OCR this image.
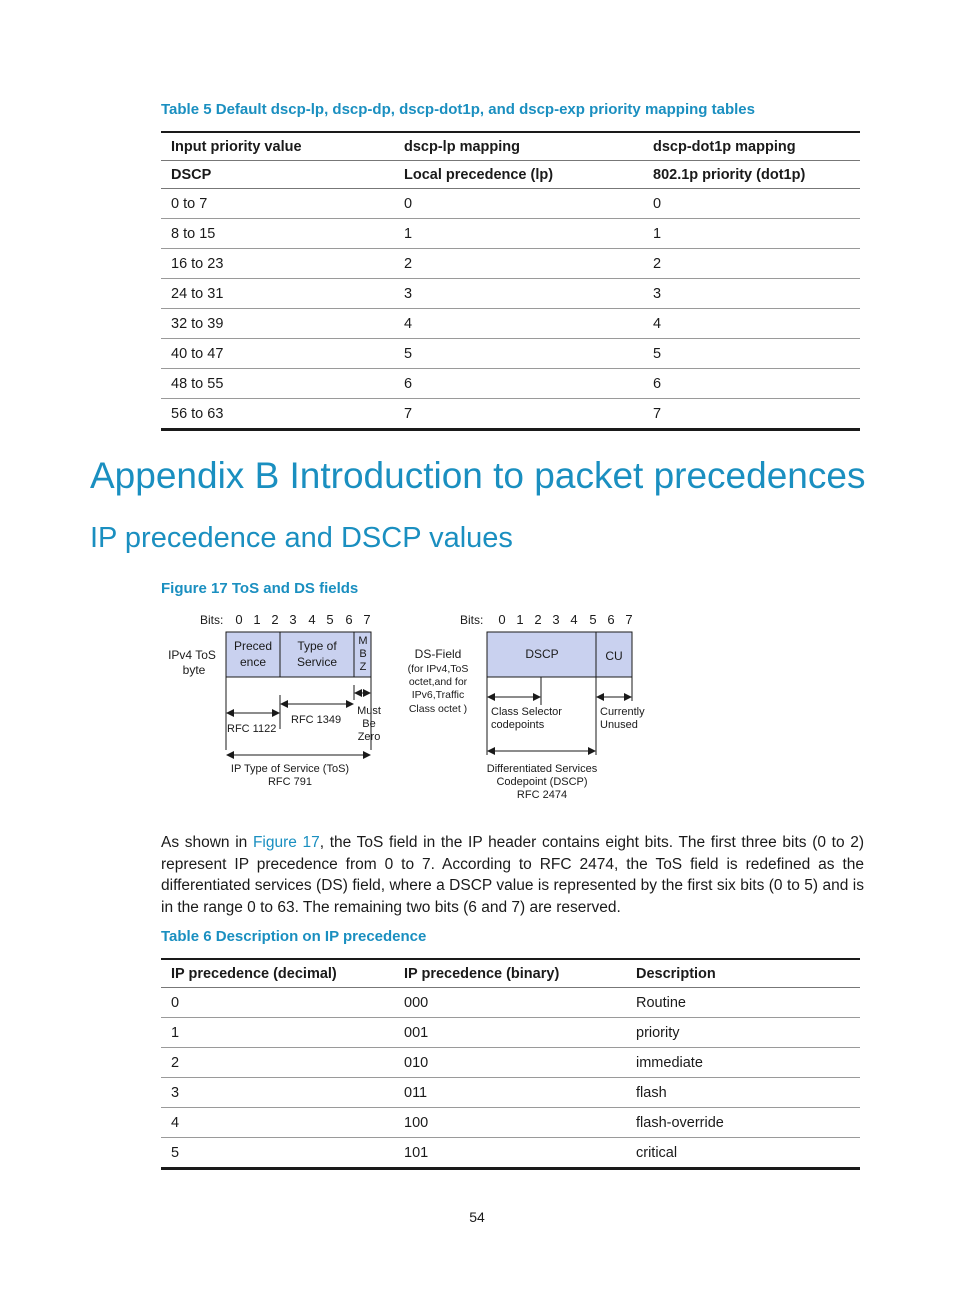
Table 5 Default dscp-lp, dscp-dp, dscp-dot1p, and dscp-exp priority mapping tables
Input priority value	dscp-lp mapping	dscp-dot1p mapping
DSCP	Local precedence (lp)	802.1p priority (dot1p)
0 to 7	0	0
8 to 15	1	1
16 to 23	2	2
24 to 31	3	3
32 to 39	4	4
40 to 47	5	5
48 to 55	6	6
56 to 63	7	7
Appendix B Introduction to packet precedences
IP precedence and DSCP values
Figure 17 ToS and DS fields
Bits: 0 1 2 3 4 5 6 7
IPv4 ToS
byte
Preced
ence
Type of
Service
M
B
Z
RFC 1122
RFC 1349
Must
Be
Zero
IP Type of Service (ToS)
RFC 791
Bits: 0 1 2 3 4 5 6 7
DS-Field
(for IPv4,ToS
octet,and for
IPv6,Traffic
Class octet )
DSCP	CU
Class Selector
codepoints
Currently
Unused
Differentiated Services
Codepoint (DSCP)
RFC 2474

As shown in Figure 17, the ToS field in the IP header contains eight bits. The first three bits (0 to 2) represent IP precedence from 0 to 7. According to RFC 2474, the ToS field is redefined as the differentiated services (DS) field, where a DSCP value is represented by the first six bits (0 to 5) and is in the range 0 to 63. The remaining two bits (6 and 7) are reserved.

Table 6 Description on IP precedence
IP precedence (decimal)	IP precedence (binary)	Description
0	000	Routine
1	001	priority
2	010	immediate
3	011	flash
4	100	flash-override
5	101	critical
54
